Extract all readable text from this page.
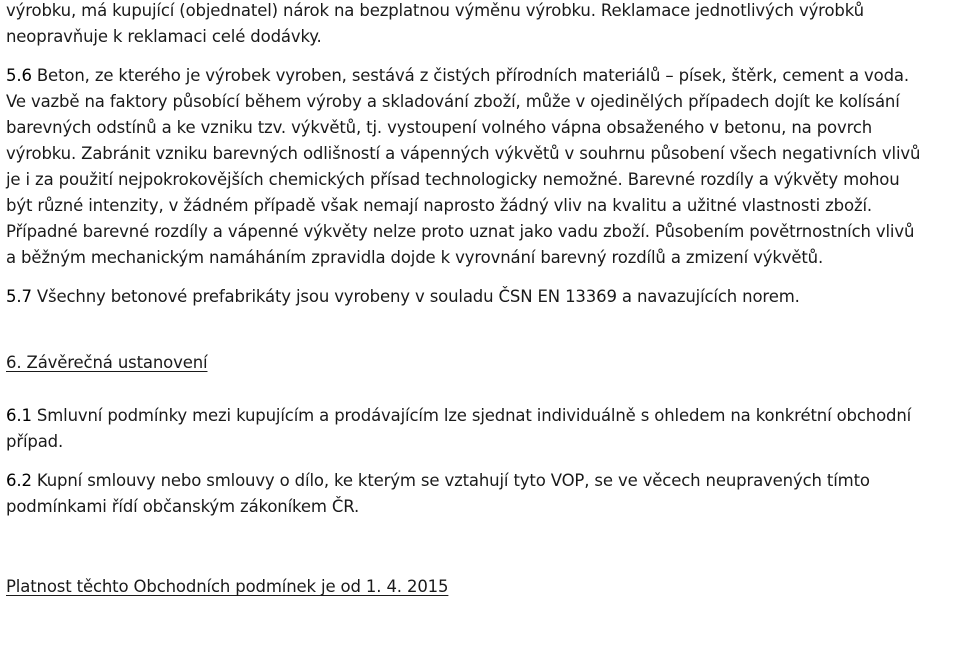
výrobku, má kupující (objednatel) nárok na bezplatnou výměnu výrobku. Reklamace jednotlivých výrobků
neopravňuje k reklamaci celé dodávky.
5.6 Beton, ze kterého je výrobek vyroben, sestává z čistých přírodních materiálů – písek, štěrk, cement a voda.
Ve vazbě na faktory působící během výroby a skladování zboží, může v ojedinělých případech dojít ke kolísání
barevných odstínů a ke vzniku tzv. výkvětů, tj. vystoupení volného vápna obsaženého v betonu, na povrch
výrobku. Zabránit vzniku barevných odlišností a vápenných výkvětů v souhrnu působení všech negativních vlivů
je i za použití nejpokrokovějších chemických přísad technologicky nemožné. Barevné rozdíly a výkvěty mohou
být různé intenzity, v žádném případě však nemají naprosto žádný vliv na kvalitu a užitné vlastnosti zboží.
Případné barevné rozdíly a vápenné výkvěty nelze proto uznat jako vadu zboží. Působením povětrnostních vlivů
a běžným mechanickým namáháním zpravidla dojde k vyrovnání barevný rozdílů a zmizení výkvětů.
5.7 Všechny betonové prefabrikáty jsou vyrobeny v souladu ČSN EN 13369 a navazujících norem.
6. Závěrečná ustanovení
6.1 Smluvní podmínky mezi kupujícím a prodávajícím lze sjednat individuálně s ohledem na konkrétní obchodní
případ.
6.2 Kupní smlouvy nebo smlouvy o dílo, ke kterým se vztahují tyto VOP, se ve věcech neupravených tímto
podmínkami řídí občanským zákoníkem ČR.
Platnost těchto Obchodních podmínek je od 1. 4. 2015
